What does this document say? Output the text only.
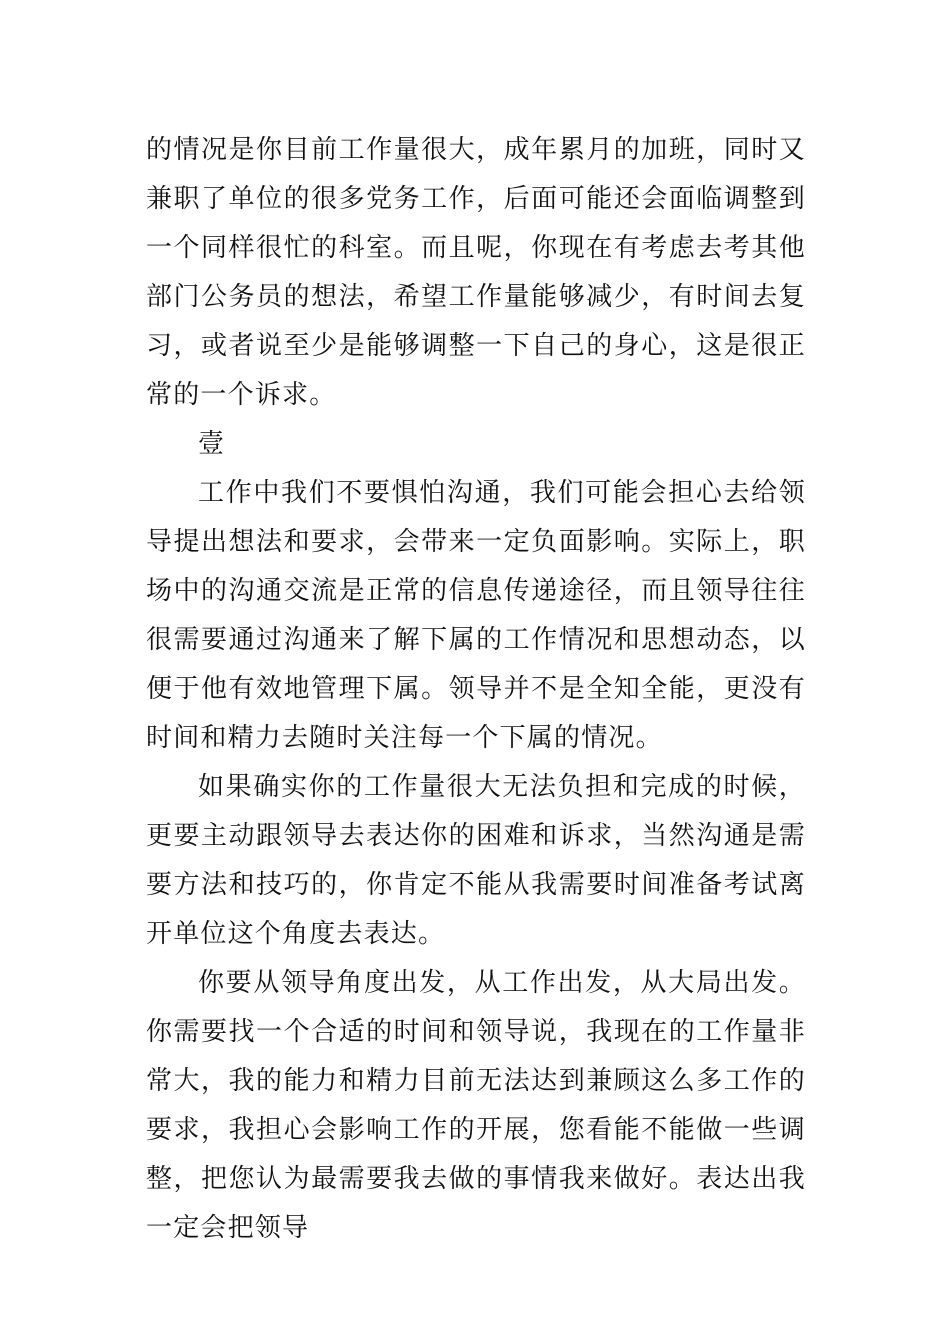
的情况是你目前工作量很大，成年累月的加班，同时又兼职了单位的很多党务工作，后面可能还会面临调整到一个同样很忙的科室。而且呢，你现在有考虑去考其他部门公务员的想法，希望工作量能够减少，有时间去复习，或者说至少是能够调整一下自己的身心，这是很正常的一个诉求。

壹

工作中我们不要惧怕沟通，我们可能会担心去给领导提出想法和要求，会带来一定负面影响。实际上，职场中的沟通交流是正常的信息传递途径，而且领导往往很需要通过沟通来了解下属的工作情况和思想动态，以便于他有效地管理下属。领导并不是全知全能，更没有时间和精力去随时关注每一个下属的情况。

如果确实你的工作量很大无法负担和完成的时候，更要主动跟领导去表达你的困难和诉求，当然沟通是需要方法和技巧的，你肯定不能从我需要时间准备考试离开单位这个角度去表达。

你要从领导角度出发，从工作出发，从大局出发。你需要找一个合适的时间和领导说，我现在的工作量非常大，我的能力和精力目前无法达到兼顾这么多工作的要求，我担心会影响工作的开展，您看能不能做一些调整，把您认为最需要我去做的事情我来做好。表达出我一定会把领导
